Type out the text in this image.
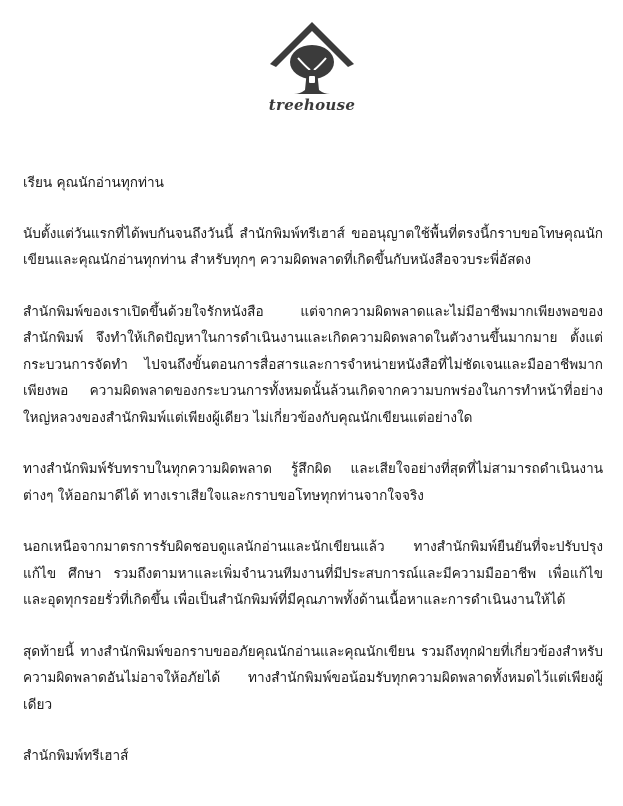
treehouse

เรียน คุณนักอ่านทุกท่าน

นับตั้งแต่วันแรกที่ได้พบกันจนถึงวันนี้ สำนักพิมพ์ทรีเฮาส์ ขออนุญาตใช้พื้นที่ตรงนี้กราบขอโทษคุณนักเขียนและคุณนักอ่านทุกท่าน สำหรับทุกๆ ความผิดพลาดที่เกิดขึ้นกับหนังสือจวบระพี่อัสดง

สำนักพิมพ์ของเราเปิดขึ้นด้วยใจรักหนังสือ แต่จากความผิดพลาดและไม่มีอาชีพมากเพียงพอของสำนักพิมพ์ จึงทำให้เกิดปัญหาในการดำเนินงานและเกิดความผิดพลาดในตัวงานขึ้นมากมาย ตั้งแต่กระบวนการจัดทำ ไปจนถึงขั้นตอนการสื่อสารและการจำหน่ายหนังสือที่ไม่ชัดเจนและมืออาชีพมากเพียงพอ ความผิดพลาดของกระบวนการทั้งหมดนั้นล้วนเกิดจากความบกพร่องในการทำหน้าที่อย่างใหญ่หลวงของสำนักพิมพ์แต่เพียงผู้เดียว ไม่เกี่ยวข้องกับคุณนักเขียนแต่อย่างใด

ทางสำนักพิมพ์รับทราบในทุกความผิดพลาด รู้สึกผิด และเสียใจอย่างที่สุดที่ไม่สามารถดำเนินงานต่างๆ ให้ออกมาดีได้ ทางเราเสียใจและกราบขอโทษทุกท่านจากใจจริง

นอกเหนือจากมาตรการรับผิดชอบดูแลนักอ่านและนักเขียนแล้ว ทางสำนักพิมพ์ยืนยันที่จะปรับปรุง แก้ไข ศึกษา รวมถึงตามหาและเพิ่มจำนวนทีมงานที่มีประสบการณ์และมีความมืออาชีพ เพื่อแก้ไขและอุดทุกรอยรั่วที่เกิดขึ้น เพื่อเป็นสำนักพิมพ์ที่มีคุณภาพทั้งด้านเนื้อหาและการดำเนินงานให้ได้

สุดท้ายนี้ ทางสำนักพิมพ์ขอกราบขออภัยคุณนักอ่านและคุณนักเขียน รวมถึงทุกฝ่ายที่เกี่ยวข้องสำหรับความผิดพลาดอันไม่อาจให้อภัยได้ ทางสำนักพิมพ์ขอน้อมรับทุกความผิดพลาดทั้งหมดไว้แต่เพียงผู้เดียว

สำนักพิมพ์ทรีเฮาส์
